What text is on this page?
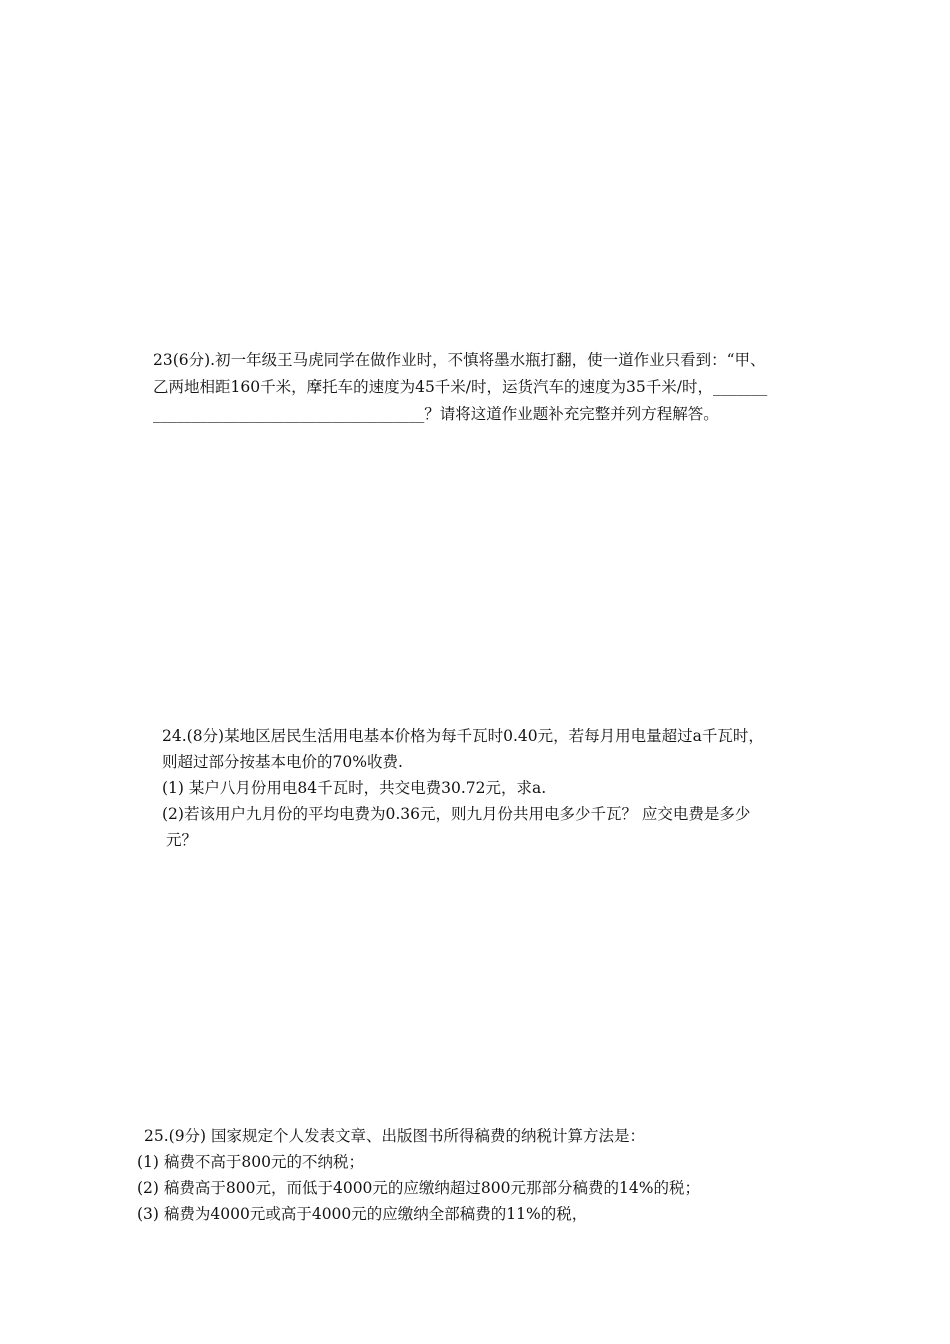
23(6分).初一年级王马虎同学在做作业时，不慎将墨水瓶打翻，使一道作业只看到：“甲、
乙两地相距160千米，摩托车的速度为45千米/时，运货汽车的速度为35千米/时，_______
___________________________________？请将这道作业题补充完整并列方程解答。
24.(8分)某地区居民生活用电基本价格为每千瓦时0.40元，若每月用电量超过a千瓦时，
则超过部分按基本电价的70%收费.
(1) 某户八月份用电84千瓦时，共交电费30.72元，求a.
(2)若该用户九月份的平均电费为0.36元，则九月份共用电多少千瓦？ 应交电费是多少
元？
25.(9分) 国家规定个人发表文章、出版图书所得稿费的纳税计算方法是：
(1) 稿费不高于800元的不纳税；
(2) 稿费高于800元，而低于4000元的应缴纳超过800元那部分稿费的14%的税；
(3) 稿费为4000元或高于4000元的应缴纳全部稿费的11%的税，
